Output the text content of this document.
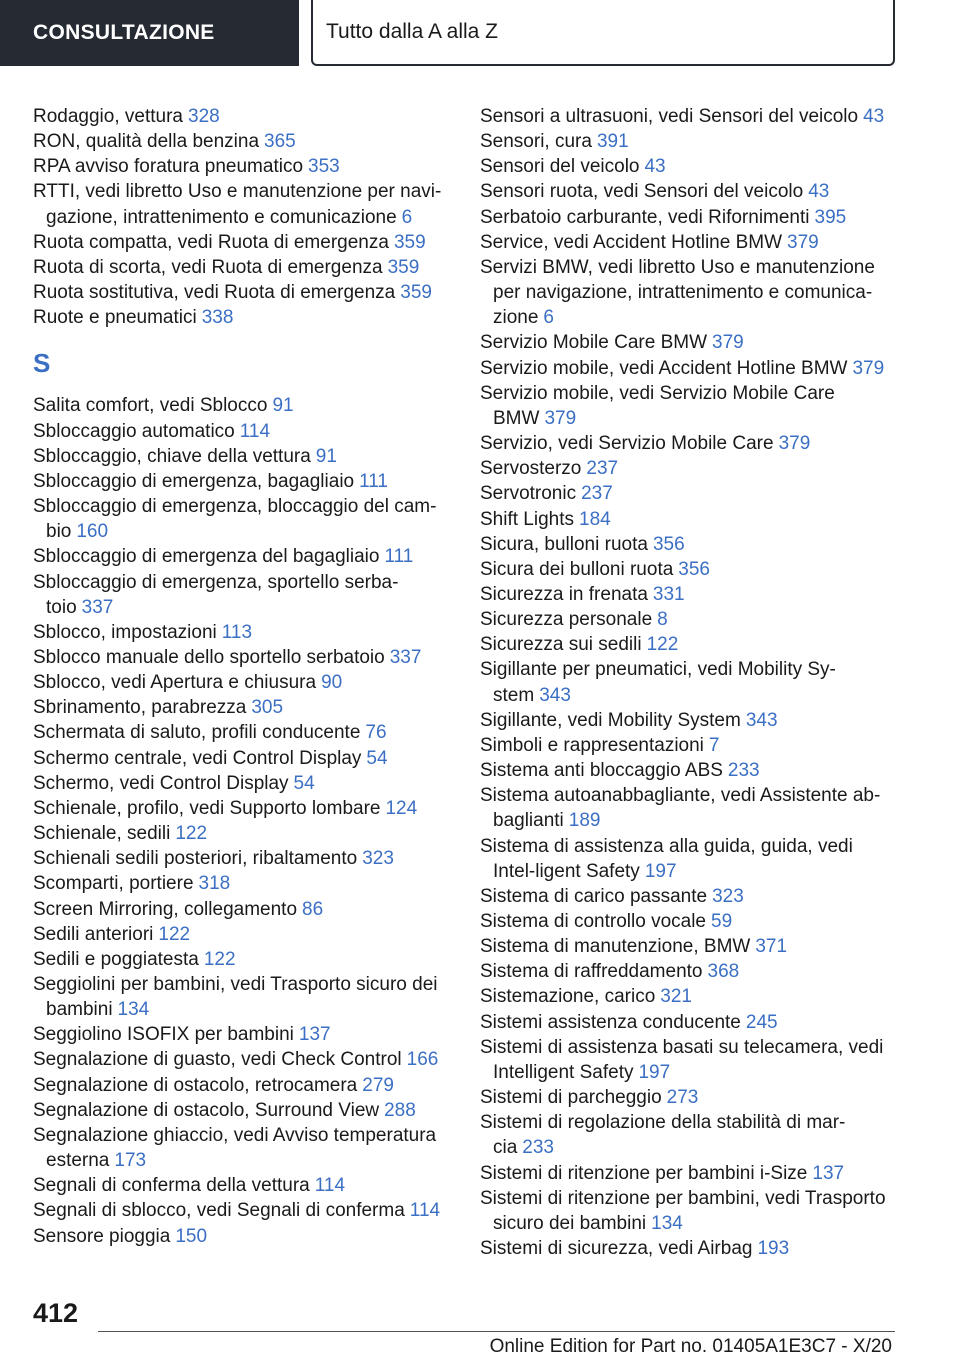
CONSULTAZIONE	Tutto dalla A alla Z
Rodaggio, vettura 328
RON, qualità della benzina 365
RPA avviso foratura pneumatico 353
RTTI, vedi libretto Uso e manutenzione per navi‐gazione, intrattenimento e comunicazione 6
Ruota compatta, vedi Ruota di emergenza 359
Ruota di scorta, vedi Ruota di emergenza 359
Ruota sostitutiva, vedi Ruota di emergenza 359
Ruote e pneumatici 338
S
Salita comfort, vedi Sblocco 91
Sbloccaggio automatico 114
Sbloccaggio, chiave della vettura 91
Sbloccaggio di emergenza, bagagliaio 111
Sbloccaggio di emergenza, bloccaggio del cam‐bio 160
Sbloccaggio di emergenza del bagagliaio 111
Sbloccaggio di emergenza, sportello serba‐toio 337
Sblocco, impostazioni 113
Sblocco manuale dello sportello serbatoio 337
Sblocco, vedi Apertura e chiusura 90
Sbrinamento, parabrezza 305
Schermata di saluto, profili conducente 76
Schermo centrale, vedi Control Display 54
Schermo, vedi Control Display 54
Schienale, profilo, vedi Supporto lombare 124
Schienale, sedili 122
Schienali sedili posteriori, ribaltamento 323
Scomparti, portiere 318
Screen Mirroring, collegamento 86
Sedili anteriori 122
Sedili e poggiatesta 122
Seggiolini per bambini, vedi Trasporto sicuro dei bambini 134
Seggiolino ISOFIX per bambini 137
Segnalazione di guasto, vedi Check Control 166
Segnalazione di ostacolo, retrocamera 279
Segnalazione di ostacolo, Surround View 288
Segnalazione ghiaccio, vedi Avviso temperatura esterna 173
Segnali di conferma della vettura 114
Segnali di sblocco, vedi Segnali di conferma 114
Sensore pioggia 150
Sensori a ultrasuoni, vedi Sensori del veicolo 43
Sensori, cura 391
Sensori del veicolo 43
Sensori ruota, vedi Sensori del veicolo 43
Serbatoio carburante, vedi Rifornimenti 395
Service, vedi Accident Hotline BMW 379
Servizi BMW, vedi libretto Uso e manutenzione per navigazione, intrattenimento e comunica‐zione 6
Servizio Mobile Care BMW 379
Servizio mobile, vedi Accident Hotline BMW 379
Servizio mobile, vedi Servizio Mobile Care BMW 379
Servizio, vedi Servizio Mobile Care 379
Servosterzo 237
Servotronic 237
Shift Lights 184
Sicura, bulloni ruota 356
Sicura dei bulloni ruota 356
Sicurezza in frenata 331
Sicurezza personale 8
Sicurezza sui sedili 122
Sigillante per pneumatici, vedi Mobility Sy‐stem 343
Sigillante, vedi Mobility System 343
Simboli e rappresentazioni 7
Sistema anti bloccaggio ABS 233
Sistema autoanabbagliante, vedi Assistente ab‐baglianti 189
Sistema di assistenza alla guida, guida, vedi Intel‐ligent Safety 197
Sistema di carico passante 323
Sistema di controllo vocale 59
Sistema di manutenzione, BMW 371
Sistema di raffreddamento 368
Sistemazione, carico 321
Sistemi assistenza conducente 245
Sistemi di assistenza basati su telecamera, vedi Intelligent Safety 197
Sistemi di parcheggio 273
Sistemi di regolazione della stabilità di mar‐cia 233
Sistemi di ritenzione per bambini i-Size 137
Sistemi di ritenzione per bambini, vedi Trasporto sicuro dei bambini 134
Sistemi di sicurezza, vedi Airbag 193
412
Online Edition for Part no. 01405A1E3C7 - X/20
